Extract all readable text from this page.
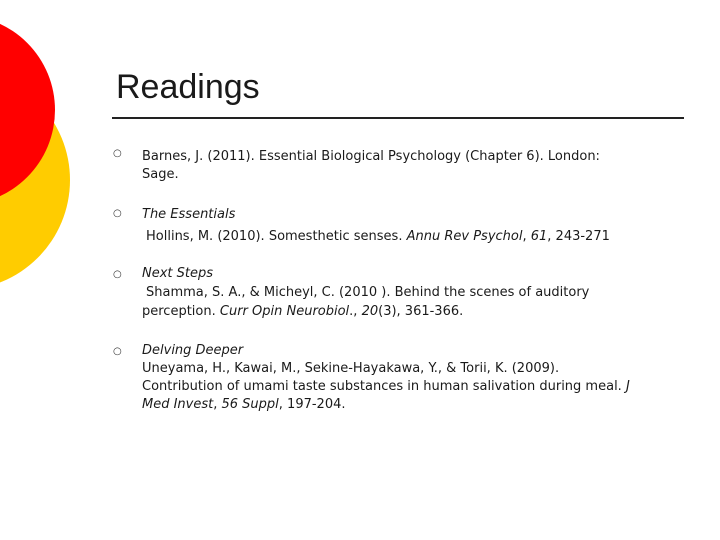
Readings
○ Barnes, J. (2011). Essential Biological Psychology (Chapter 6). London:
Sage.
○ The Essentials
Hollins, M. (2010). Somesthetic senses. Annu Rev Psychol, 61, 243-271
○ Next Steps
Shamma, S. A., & Micheyl, C. (2010 ). Behind the scenes of auditory
perception. Curr Opin Neurobiol., 20(3), 361-366.
○ Delving Deeper
Uneyama, H., Kawai, M., Sekine-Hayakawa, Y., & Torii, K. (2009).
Contribution of umami taste substances in human salivation during meal. J
Med Invest, 56 Suppl, 197-204.
